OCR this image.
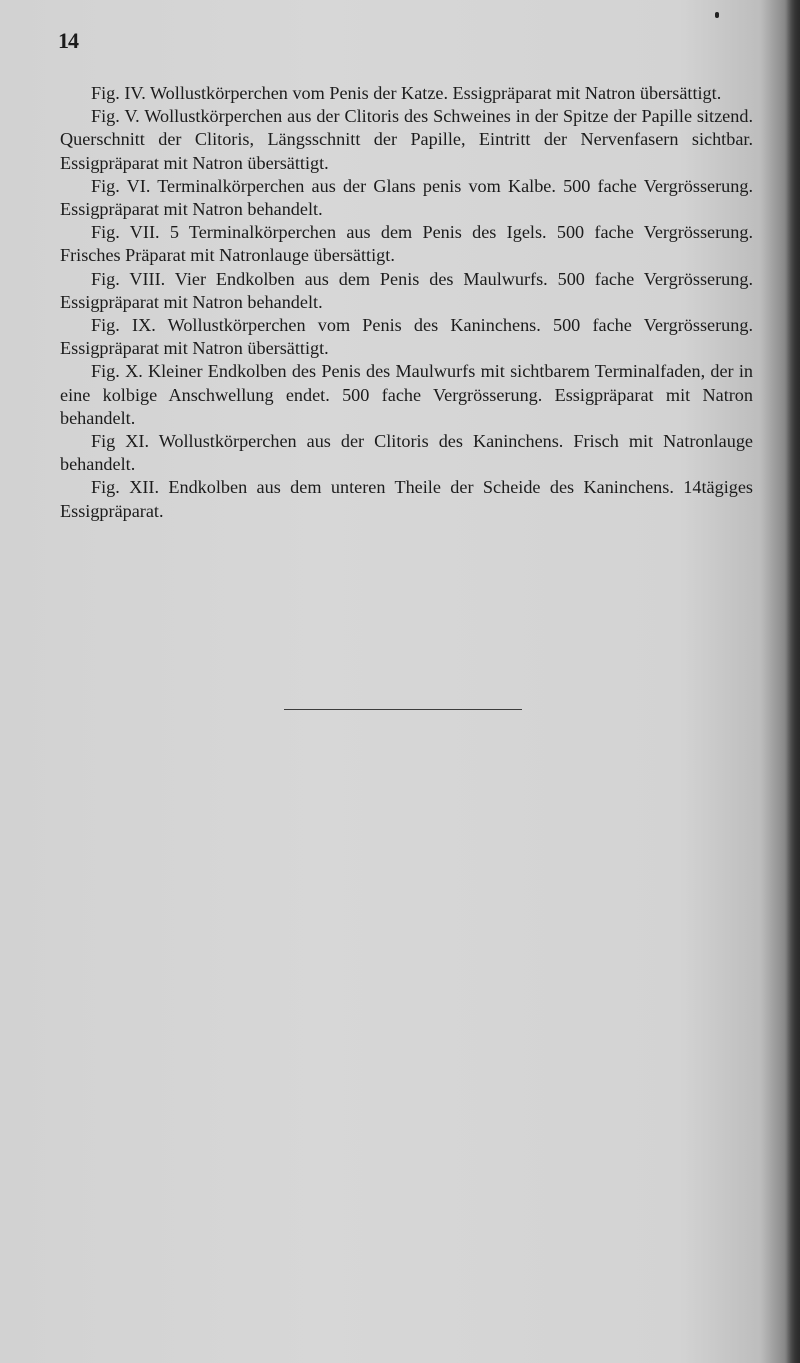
14

Fig. IV. Wollustkörperchen vom Penis der Katze. Essigpräparat mit Natron übersättigt.

Fig. V. Wollustkörperchen aus der Clitoris des Schweines in der Spitze der Papille sitzend. Querschnitt der Clitoris, Längsschnitt der Papille, Eintritt der Nervenfasern sichtbar. Essigpräparat mit Natron übersättigt.

Fig. VI. Terminalkörperchen aus der Glans penis vom Kalbe. 500 fache Vergrösserung. Essigpräparat mit Natron behandelt.

Fig. VII. 5 Terminalkörperchen aus dem Penis des Igels. 500 fache Vergrösserung. Frisches Präparat mit Natronlauge übersättigt.

Fig. VIII. Vier Endkolben aus dem Penis des Maulwurfs. 500 fache Vergrösserung. Essigpräparat mit Natron behandelt.

Fig. IX. Wollustkörperchen vom Penis des Kaninchens. 500 fache Vergrösserung. Essigpräparat mit Natron übersättigt.

Fig. X. Kleiner Endkolben des Penis des Maulwurfs mit sichtbarem Terminalfaden, der in eine kolbige Anschwellung endet. 500 fache Vergrösserung. Essigpräparat mit Natron behandelt.

Fig XI. Wollustkörperchen aus der Clitoris des Kaninchens. Frisch mit Natronlauge behandelt.

Fig. XII. Endkolben aus dem unteren Theile der Scheide des Kaninchens. 14tägiges Essigpräparat.
